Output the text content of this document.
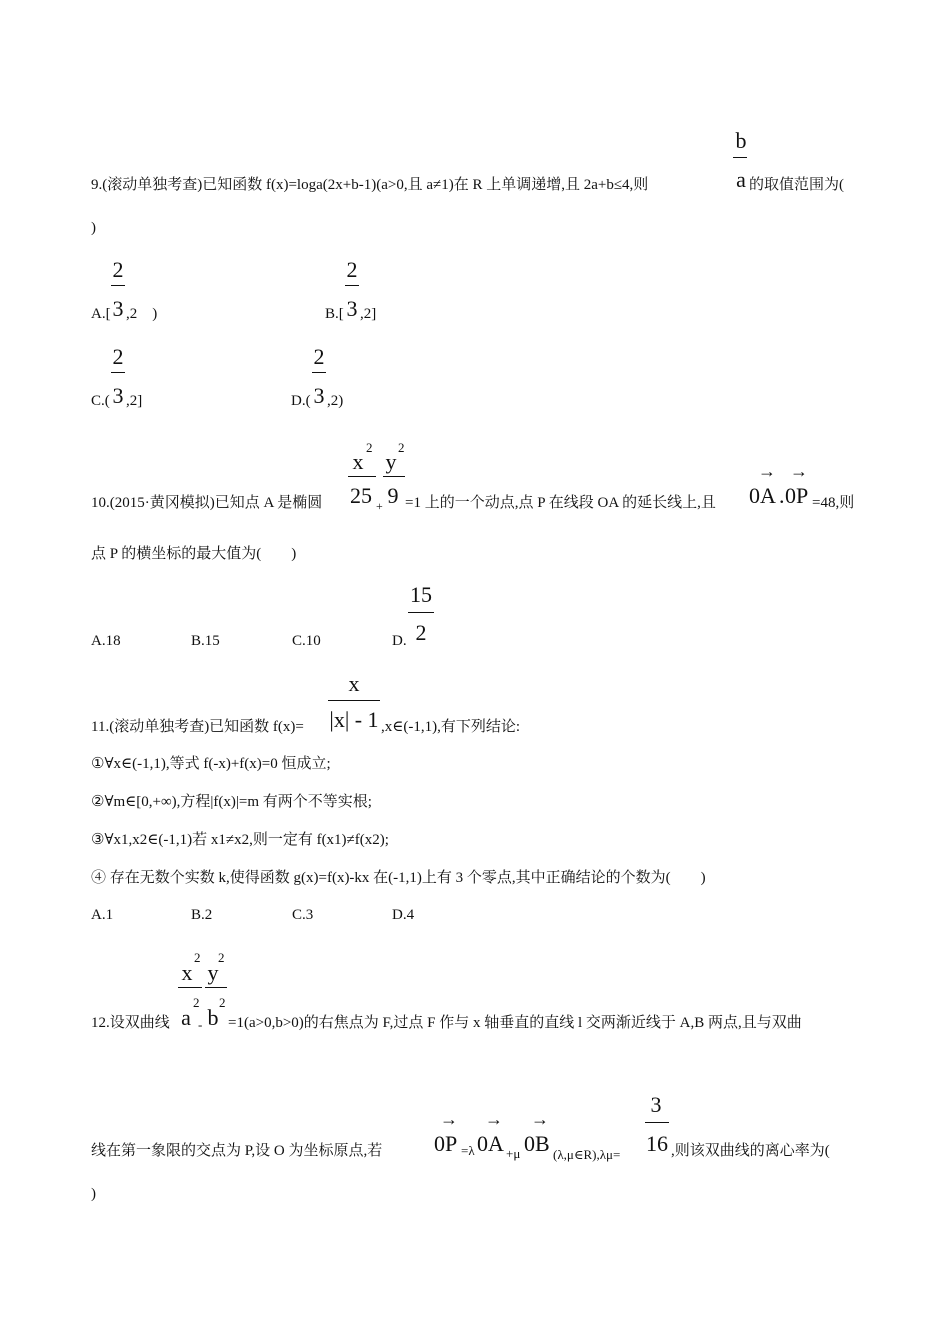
b
9.(滚动单独考查)已知函数 f(x)=loga(2x+b-1)(a>0,且 a≠1)在 R 上单调递增,且 2a+b≤4,则	a 的取值范围为(
)
2
A.[ 3 ,2　)
2
B.[ 3 ,2]
2
C.( 3 ,2]
2
D.( 3 ,2)
x
2
10.(2015·黄冈模拟)已知点 A 是椭圆 25 +
y
2
9 =1 上的一个动点,点 P 在线段 OA 的延长线上,且
→
0A .
→
0P =48,则
点 P 的横坐标的最大值为(　　)
A.18	B.15	C.10
15
D. 2
x
11.(滚动单独考查)已知函数 f(x)= |x| - 1 ,x∈(-1,1),有下列结论:
①∀x∈(-1,1),等式 f(-x)+f(x)=0 恒成立;
②∀m∈[0,+∞),方程|f(x)|=m 有两个不等实根;
③∀x1,x2∈(-1,1)若 x1≠x2,则一定有 f(x1)≠f(x2);
④ 存在无数个实数 k,使得函数 g(x)=f(x)-kx 在(-1,1)上有 3 个零点,其中正确结论的个数为(　　)
A.1	B.2	C.3	D.4
x
2
12.设双曲线 a
2
-
y
2
b
2
=1(a>0,b>0)的右焦点为 F,过点 F 作与 x 轴垂直的直线 l 交两渐近线于 A,B 两点,且与双曲
线在第一象限的交点为 P,设 O 为坐标原点,若
→
0P =λ
→
0A +μ
→
0B (λ,μ∈R),λμ=
3
16 ,则该双曲线的离心率为(
)
